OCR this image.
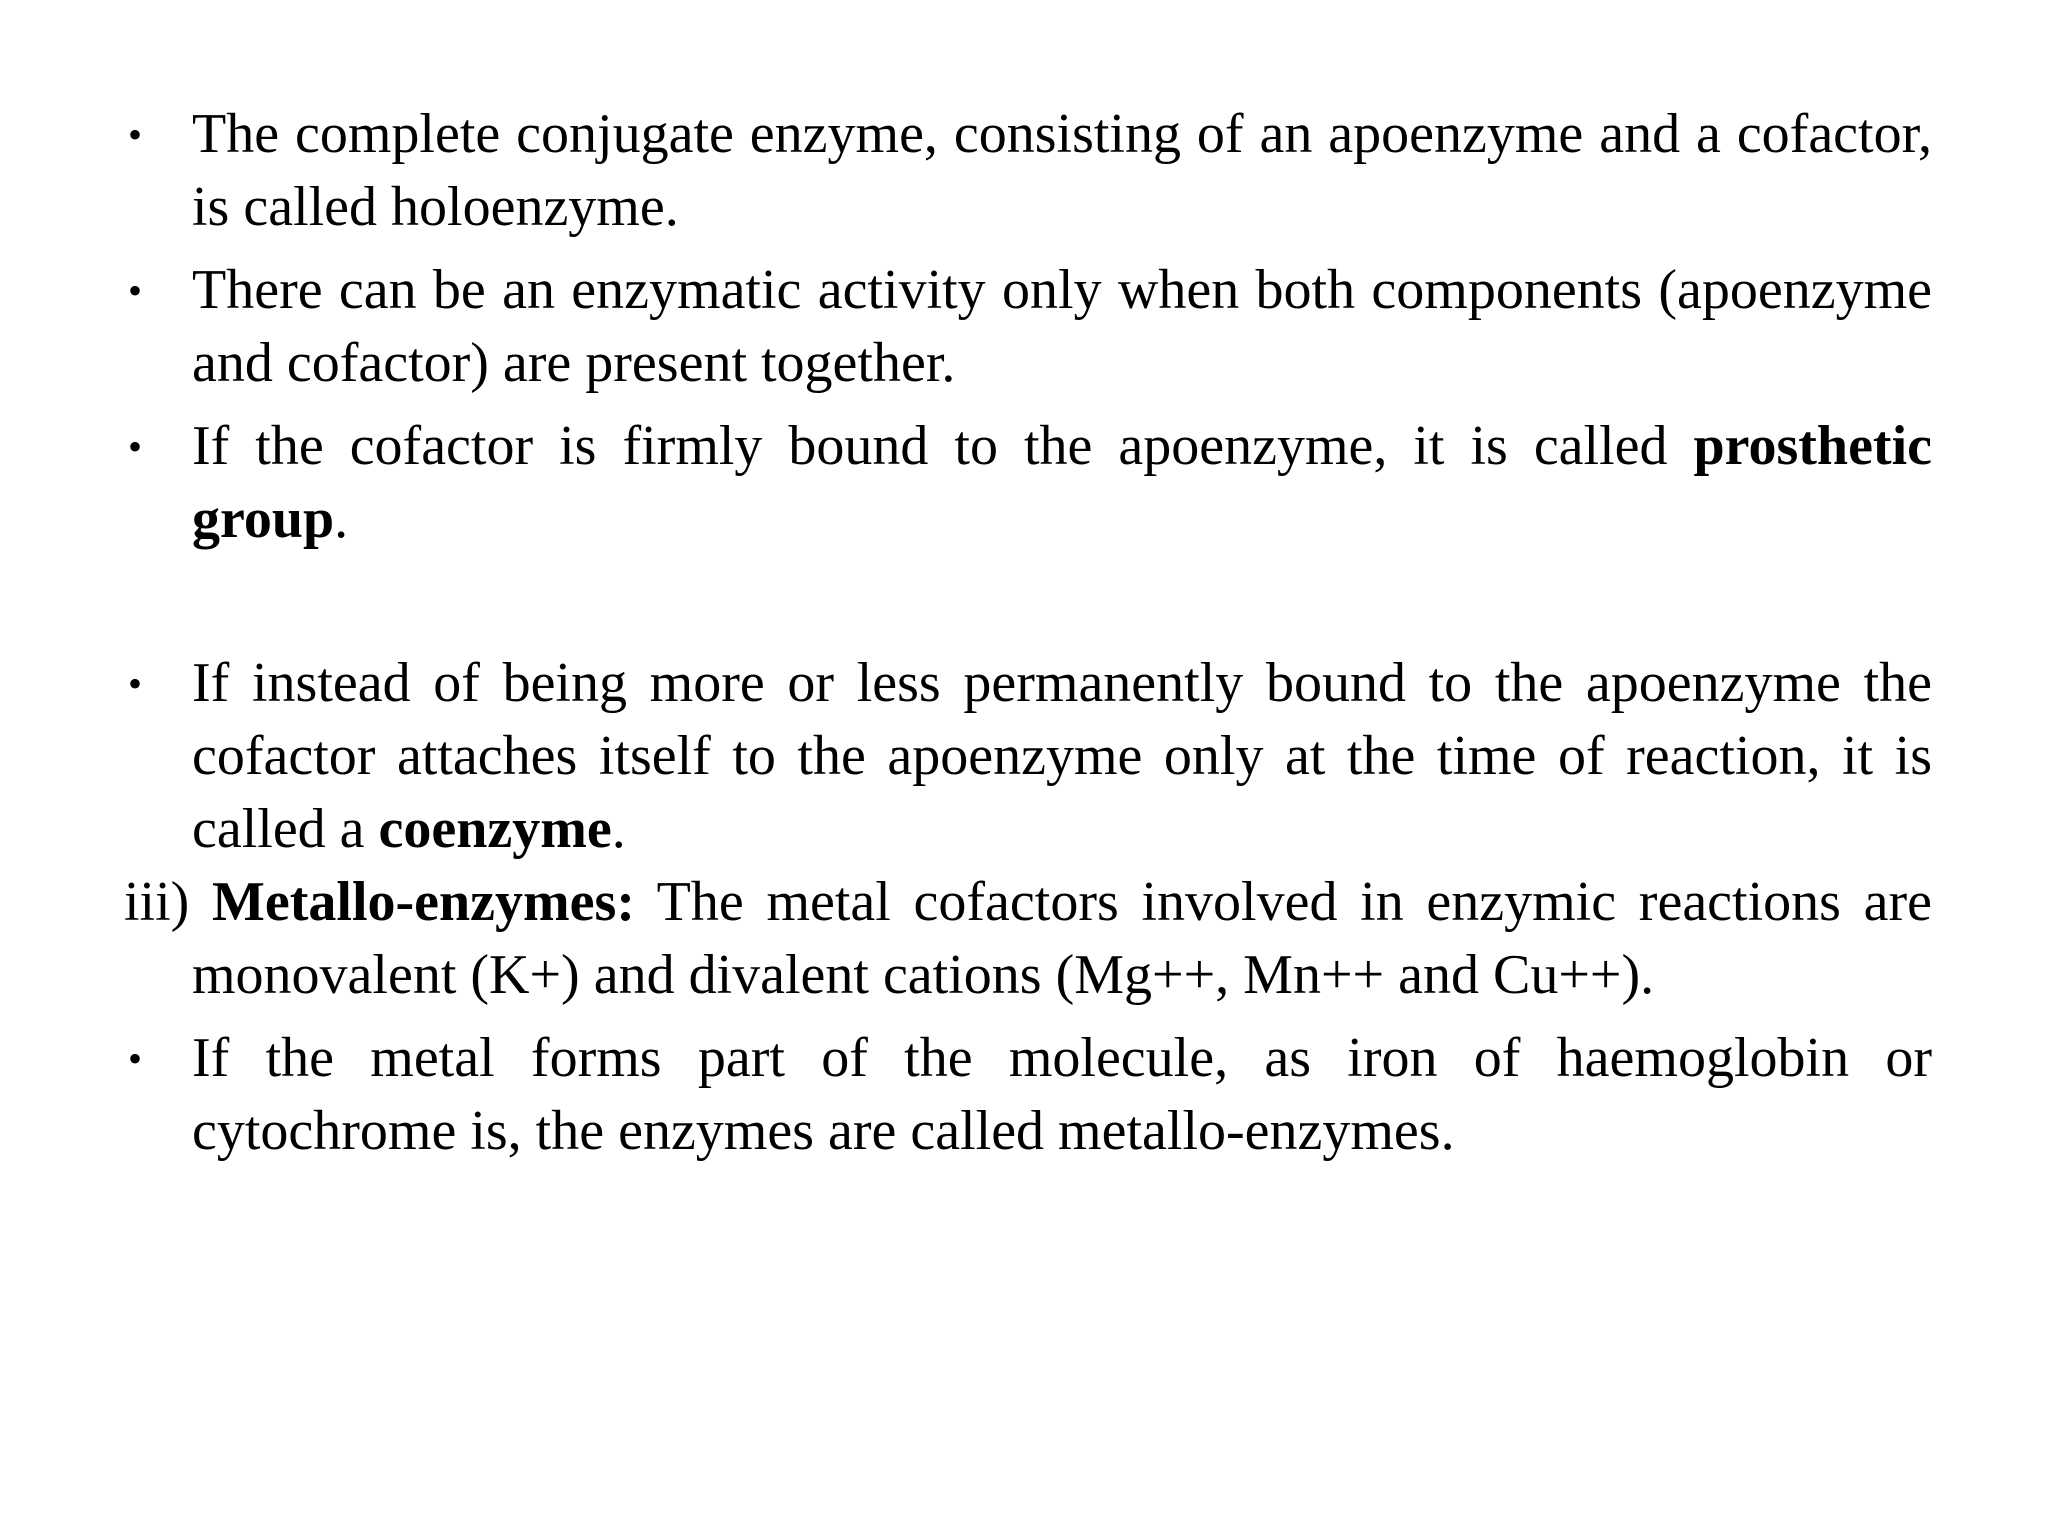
• The complete conjugate enzyme, consisting of an apoenzyme and a cofactor, is called holoenzyme.

• There can be an enzymatic activity only when both components (apoenzyme and cofactor) are present together.

• If the cofactor is firmly bound to the apoenzyme, it is called prosthetic group.

• If instead of being more or less permanently bound to the apoenzyme the cofactor attaches itself to the apoenzyme only at the time of reaction, it is called a coenzyme.

iii) Metallo-enzymes: The metal cofactors involved in enzymic reactions are monovalent (K+) and divalent cations (Mg++, Mn++ and Cu++).

• If the metal forms part of the molecule, as iron of haemoglobin or cytochrome is, the enzymes are called metallo-enzymes.
